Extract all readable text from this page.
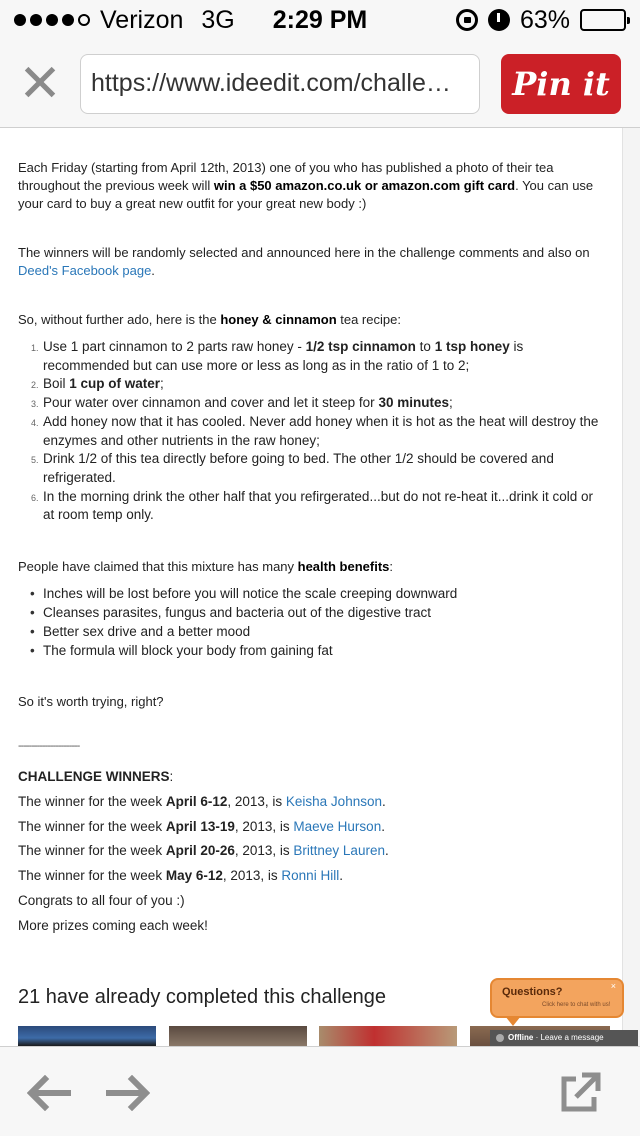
Verizon 3G	2:29 PM	63%
✕	https://www.ideedit.com/challe…	Pin it

Each Friday (starting from April 12th, 2013) one of you who has published a photo of their tea throughout the previous week will win a $50 amazon.co.uk or amazon.com gift card. You can use your card to buy a great new outfit for your great new body :)

The winners will be randomly selected and announced here in the challenge comments and also on Deed's Facebook page.

So, without further ado, here is the honey & cinnamon tea recipe:

1. Use 1 part cinnamon to 2 parts raw honey - 1/2 tsp cinnamon to 1 tsp honey is recommended but can use more or less as long as in the ratio of 1 to 2;
2. Boil 1 cup of water;
3. Pour water over cinnamon and cover and let it steep for 30 minutes;
4. Add honey now that it has cooled. Never add honey when it is hot as the heat will destroy the enzymes and other nutrients in the raw honey;
5. Drink 1/2 of this tea directly before going to bed. The other 1/2 should be covered and refrigerated.
6. In the morning drink the other half that you refirgerated...but do not re-heat it...drink it cold or at room temp only.

People have claimed that this mixture has many health benefits:

• Inches will be lost before you will notice the scale creeping downward
• Cleanses parasites, fungus and bacteria out of the digestive tract
• Better sex drive and a better mood
• The formula will block your body from gaining fat

So it's worth trying, right?

-----------------------

CHALLENGE WINNERS:

The winner for the week April 6-12, 2013, is Keisha Johnson.

The winner for the week April 13-19, 2013, is Maeve Hurson.

The winner for the week April 20-26, 2013, is Brittney Lauren.

The winner for the week May 6-12, 2013, is Ronni Hill.

Congrats to all four of you :)

More prizes coming each week!

21 have already completed this challenge	Questions?
Click here to chat with us!
×
Offline · Leave a message
